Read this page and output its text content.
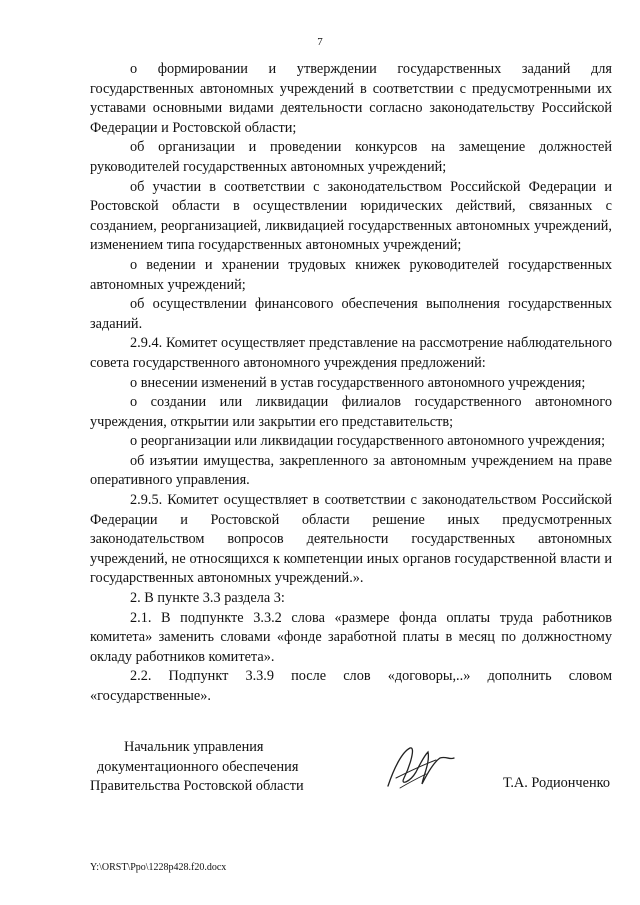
7

о формировании и утверждении государственных заданий для государственных автономных учреждений в соответствии с предусмотренными их уставами основными видами деятельности согласно законодательству Российской Федерации и Ростовской области;

об организации и проведении конкурсов на замещение должностей руководителей государственных автономных учреждений;

об участии в соответствии с законодательством Российской Федерации и Ростовской области в осуществлении юридических действий, связанных с созданием, реорганизацией, ликвидацией государственных автономных учреждений, изменением типа государственных автономных учреждений;

о ведении и хранении трудовых книжек руководителей государственных автономных учреждений;

об осуществлении финансового обеспечения выполнения государственных заданий.

2.9.4. Комитет осуществляет представление на рассмотрение наблюдательного совета государственного автономного учреждения предложений:

о внесении изменений в устав государственного автономного учреждения;

о создании или ликвидации филиалов государственного автономного учреждения, открытии или закрытии его представительств;

о реорганизации или ликвидации государственного автономного учреждения;

об изъятии имущества, закрепленного за автономным учреждением на праве оперативного управления.

2.9.5. Комитет осуществляет в соответствии с законодательством Российской Федерации и Ростовской области решение иных предусмотренных законодательством вопросов деятельности государственных автономных учреждений, не относящихся к компетенции иных органов государственной власти и государственных автономных учреждений.».

2. В пункте 3.3 раздела 3:

2.1. В подпункте 3.3.2 слова «размере фонда оплаты труда работников комитета» заменить словами «фонде заработной платы в месяц по должностному окладу работников комитета».

2.2. Подпункт 3.3.9 после слов «договоры,..» дополнить словом «государственные».

Начальник управления
документационного обеспечения
Правительства Ростовской области	Т.А. Родионченко
Y:\ORST\Ppo\1228p428.f20.docx
